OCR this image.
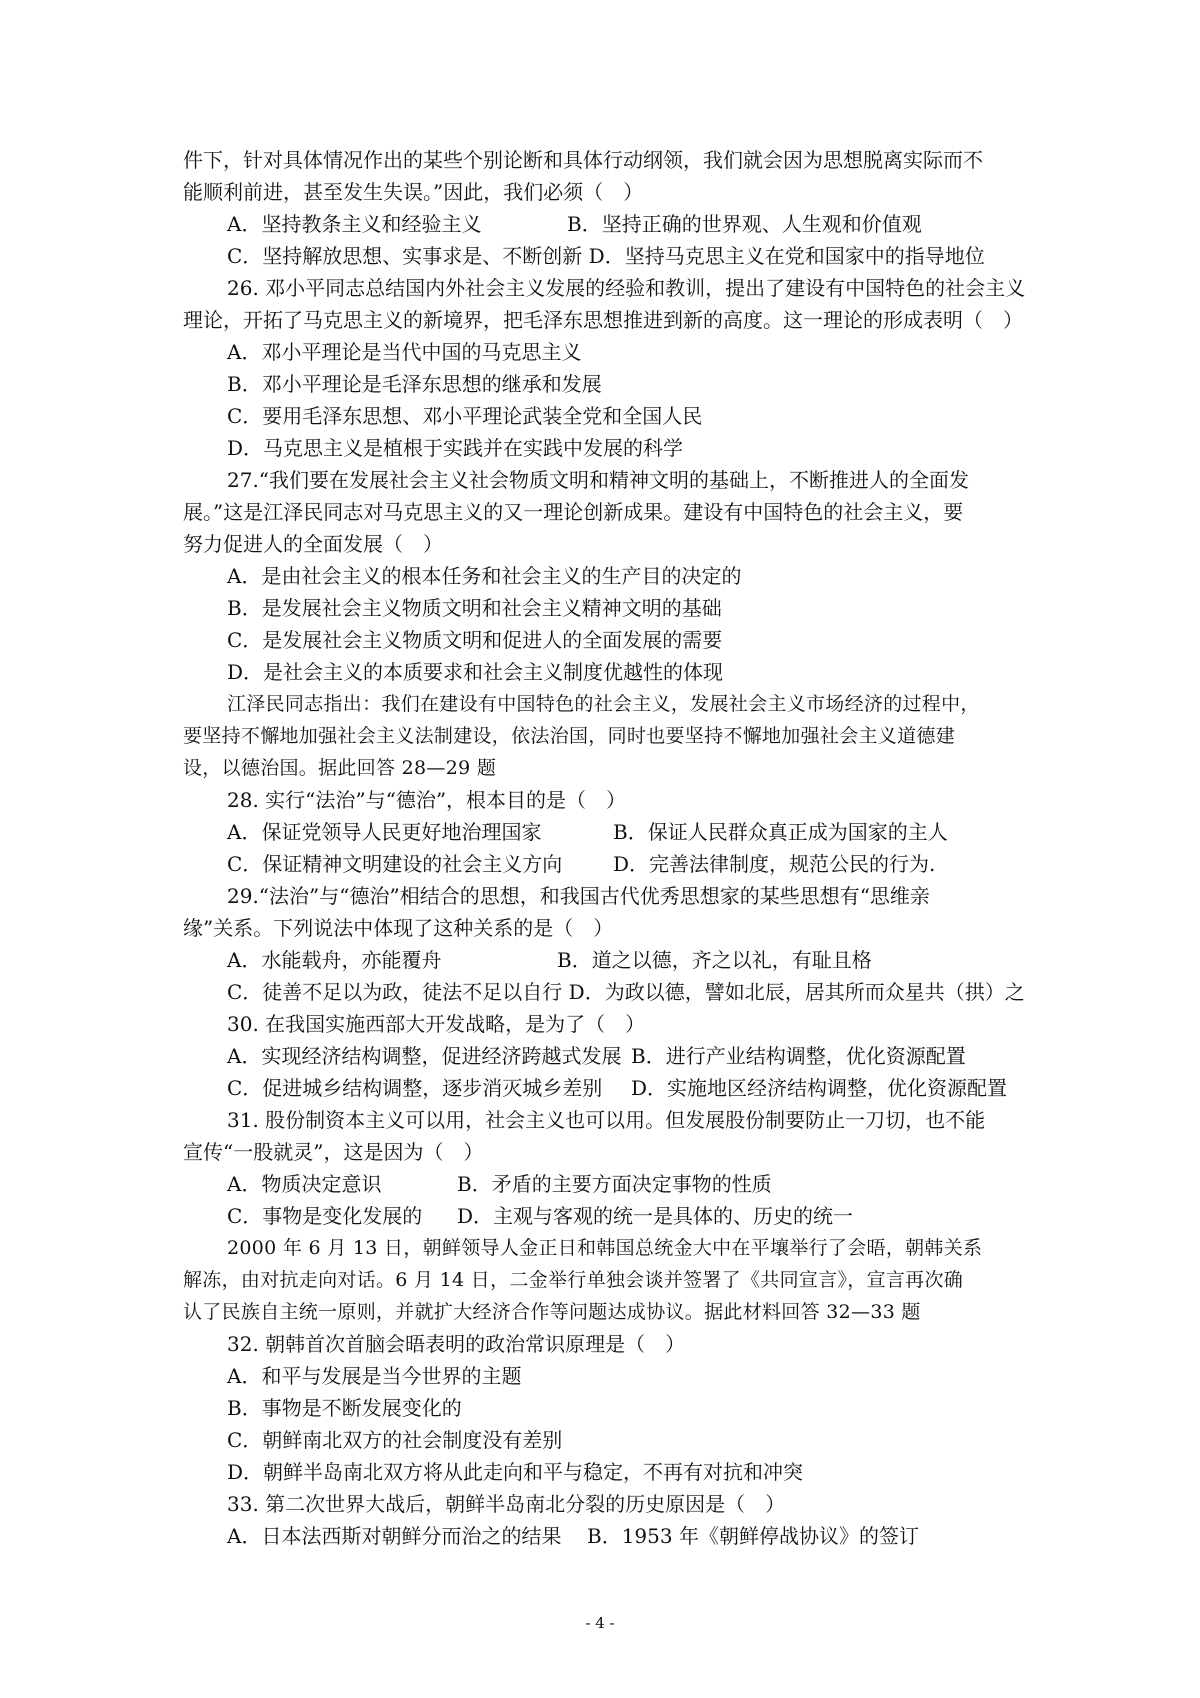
件下，针对具体情况作出的某些个别论断和具体行动纲领，我们就会因为思想脱离实际而不
能顺利前进，甚至发生失误。”因此，我们必须（　）
A．坚持教条主义和经验主义	B．坚持正确的世界观、人生观和价值观
C．坚持解放思想、实事求是、不断创新 D．坚持马克思主义在党和国家中的指导地位
26. 邓小平同志总结国内外社会主义发展的经验和教训，提出了建设有中国特色的社会主义
理论，开拓了马克思主义的新境界，把毛泽东思想推进到新的高度。这一理论的形成表明（　）
A．邓小平理论是当代中国的马克思主义
B．邓小平理论是毛泽东思想的继承和发展
C．要用毛泽东思想、邓小平理论武装全党和全国人民
D．马克思主义是植根于实践并在实践中发展的科学
27.“我们要在发展社会主义社会物质文明和精神文明的基础上，不断推进人的全面发
展。”这是江泽民同志对马克思主义的又一理论创新成果。建设有中国特色的社会主义，要
努力促进人的全面发展（　）
A．是由社会主义的根本任务和社会主义的生产目的决定的
B．是发展社会主义物质文明和社会主义精神文明的基础
C．是发展社会主义物质文明和促进人的全面发展的需要
D．是社会主义的本质要求和社会主义制度优越性的体现
江泽民同志指出：我们在建设有中国特色的社会主义，发展社会主义市场经济的过程中，
要坚持不懈地加强社会主义法制建设，依法治国，同时也要坚持不懈地加强社会主义道德建
设，以德治国。据此回答 28—29 题
28. 实行“法治”与“德治”，根本目的是（　）
A．保证党领导人民更好地治理国家	B．保证人民群众真正成为国家的主人
C．保证精神文明建设的社会主义方向	D．完善法律制度，规范公民的行为.
29.“法治”与“德治”相结合的思想，和我国古代优秀思想家的某些思想有“思维亲
缘”关系。下列说法中体现了这种关系的是（　）
A．水能载舟，亦能覆舟	B．道之以德，齐之以礼，有耻且格
C．徒善不足以为政，徒法不足以自行 D．为政以德，譬如北辰，居其所而众星共（拱）之
30. 在我国实施西部大开发战略，是为了（　）
A．实现经济结构调整，促进经济跨越式发展 B．进行产业结构调整，优化资源配置
C．促进城乡结构调整，逐步消灭城乡差别	D．实施地区经济结构调整，优化资源配置
31. 股份制资本主义可以用，社会主义也可以用。但发展股份制要防止一刀切，也不能
宣传“一股就灵”，这是因为（　）
A．物质决定意识	B．矛盾的主要方面决定事物的性质
C．事物是变化发展的	D．主观与客观的统一是具体的、历史的统一
2000 年 6 月 13 日，朝鲜领导人金正日和韩国总统金大中在平壤举行了会晤，朝韩关系
解冻，由对抗走向对话。6 月 14 日，二金举行单独会谈并签署了《共同宣言》，宣言再次确
认了民族自主统一原则，并就扩大经济合作等问题达成协议。据此材料回答 32—33 题
32. 朝韩首次首脑会晤表明的政治常识原理是（　）
A．和平与发展是当今世界的主题
B．事物是不断发展变化的
C．朝鲜南北双方的社会制度没有差别
D．朝鲜半岛南北双方将从此走向和平与稳定，不再有对抗和冲突
33. 第二次世界大战后，朝鲜半岛南北分裂的历史原因是（　）
A．日本法西斯对朝鲜分而治之的结果	B．1953 年《朝鲜停战协议》的签订
- 4 -
